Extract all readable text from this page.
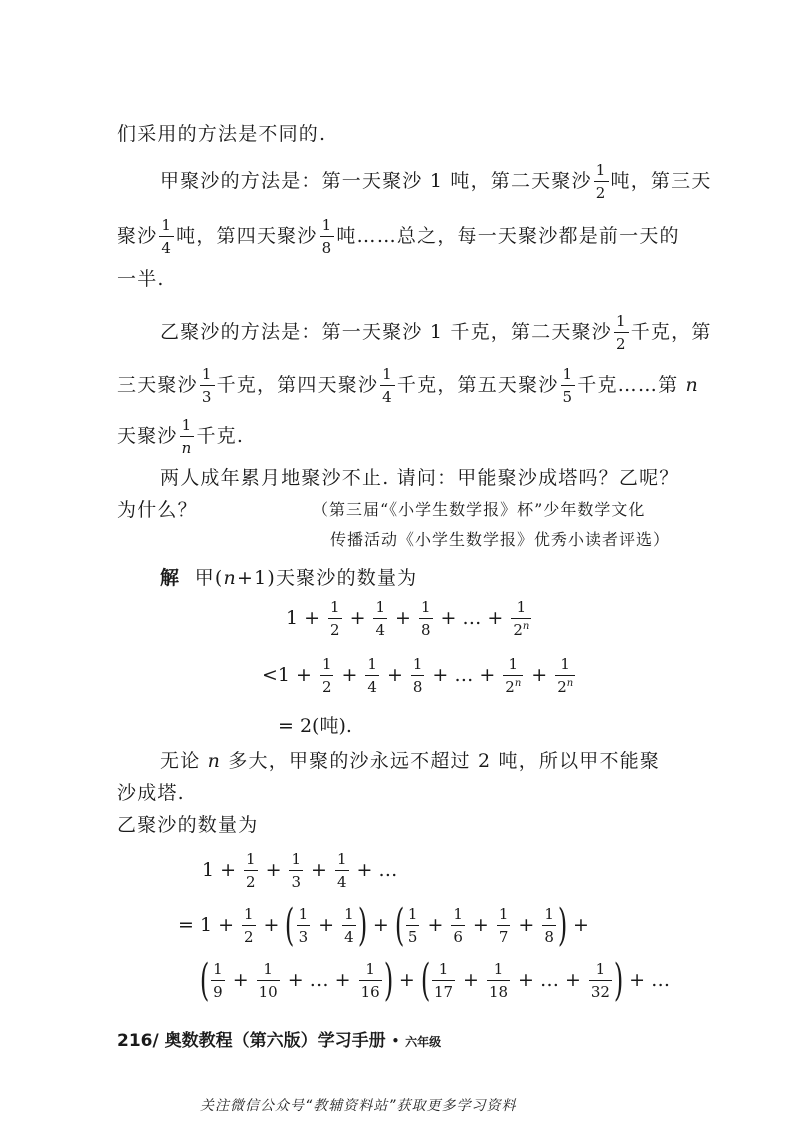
们采用的方法是不同的.
甲聚沙的方法是：第一天聚沙 1 吨，第二天聚沙 $\frac{1}{2}$ 吨，第三天
聚沙 $\frac{1}{4}$ 吨，第四天聚沙 $\frac{1}{8}$ 吨……总之，每一天聚沙都是前一天的
一半.
乙聚沙的方法是：第一天聚沙 1 千克，第二天聚沙 $\frac{1}{2}$ 千克，第
三天聚沙 $\frac{1}{3}$ 千克，第四天聚沙 $\frac{1}{4}$ 千克，第五天聚沙 $\frac{1}{5}$ 千克……第 n
天聚沙 $\frac{1}{n}$ 千克.
两人成年累月地聚沙不止. 请问：甲能聚沙成塔吗？乙呢？
为什么？	（第三届“《小学生数学报》杯”少年数学文化
传播活动《小学生数学报》优秀小读者评选）
解 甲(n+1)天聚沙的数量为
$1 + \frac{1}{2} + \frac{1}{4} + \frac{1}{8}$ + … + $\frac{1}{2^n}$
$<1 + \frac{1}{2} + \frac{1}{4} + \frac{1}{8}$ + … + $\frac{1}{2^n} + \frac{1}{2^n}$
= 2(吨).
无论 n 多大，甲聚的沙永远不超过 2 吨，所以甲不能聚
沙成塔.
乙聚沙的数量为
$1 + \frac{1}{2} + \frac{1}{3} + \frac{1}{4}$ + …
= $1 + \frac{1}{2}$ + ( $\frac{1}{3} + \frac{1}{4}$ ) + ( $\frac{1}{5} + \frac{1}{6} + \frac{1}{7} + \frac{1}{8}$ ) +
( $\frac{1}{9} + \frac{1}{10}$ + … + $\frac{1}{16}$ ) + ( $\frac{1}{17} + \frac{1}{18}$ + … + $\frac{1}{32}$ ) + …
216/ 奥数教程（第六版）学习手册 • 六年级
关注微信公众号“教辅资料站”获取更多学习资料
